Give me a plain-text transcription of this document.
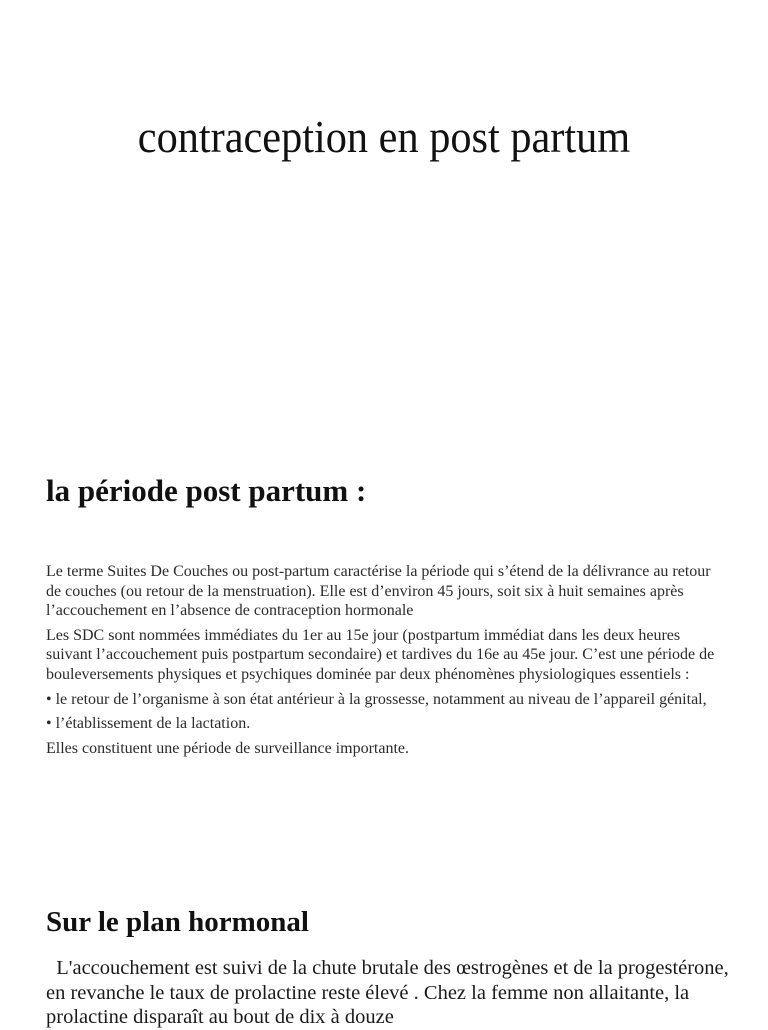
contraception en post partum
la période post partum :

Le terme Suites De Couches ou post-partum caractérise la période qui s’étend de la délivrance au retour de couches (ou retour de la menstruation). Elle est d’environ 45 jours, soit six à huit semaines après l’accouchement en l’absence de contraception hormonale

Les SDC sont nommées immédiates du 1er au 15e jour (postpartum immédiat dans les deux heures suivant l’accouchement puis postpartum secondaire) et tardives du 16e au 45e jour. C’est une période de bouleversements physiques et psychiques dominée par deux phénomènes physiologiques essentiels :

• le retour de l’organisme à son état antérieur à la grossesse, notamment au niveau de l’appareil génital,

• l’établissement de la lactation.

Elles constituent une période de surveillance importante.

Sur le plan hormonal

L'accouchement est suivi de la chute brutale des œstrogènes et de la progestérone, en revanche le taux de prolactine reste élevé . Chez la femme non allaitante, la prolactine disparaît au bout de dix à douze
